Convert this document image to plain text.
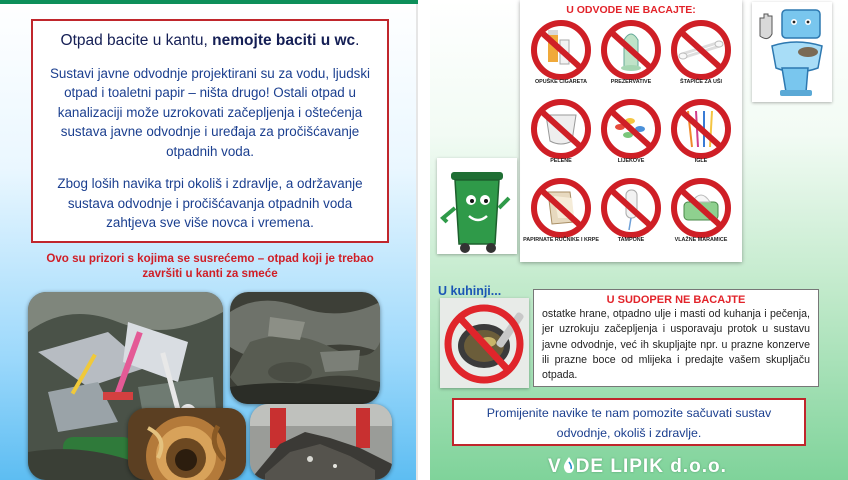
Otpad bacite u kantu, nemojte baciti u wc.

Sustavi javne odvodnje projektirani su za vodu, ljudski otpad i toaletni papir – ništa drugo! Ostali otpad u kanalizaciji može uzrokovati začepljenja i oštećenja sustava javne odvodnje i uređaja za pročišćavanje otpadnih voda.

Zbog loših navika trpi okoliš i zdravlje, a održavanje sustava odvodnje i pročišćavanja otpadnih voda zahtjeva sve više novca i vremena.

Ovo su prizori s kojima se susrećemo – otpad koji je trebao završiti u kanti za smeće
U ODVODE NE BACAJTE:
OPUŠKE CIGARETA	PREZERVATIVE	ŠTAPIĆE ZA UŠI
PELENE	LIJEKOVE	IGLE
PAPIRNATE RUČNIKE I KRPE	TAMPONE	VLAŽNE MARAMICE
U kuhinji...
U SUDOPER NE BACAJTE
ostatke hrane, otpadno ulje i masti od kuhanja i pečenja, jer uzrokuju začepljenja i usporavaju protok u sustavu javne odvodnje, već ih skupljajte npr. u prazne konzerve ili prazne boce od mlijeka i predajte vašem skupljaču otpada.
Promijenite navike te nam pomozite sačuvati sustav odvodnje, okoliš i zdravlje.
V DE LIPIK d.o.o.
